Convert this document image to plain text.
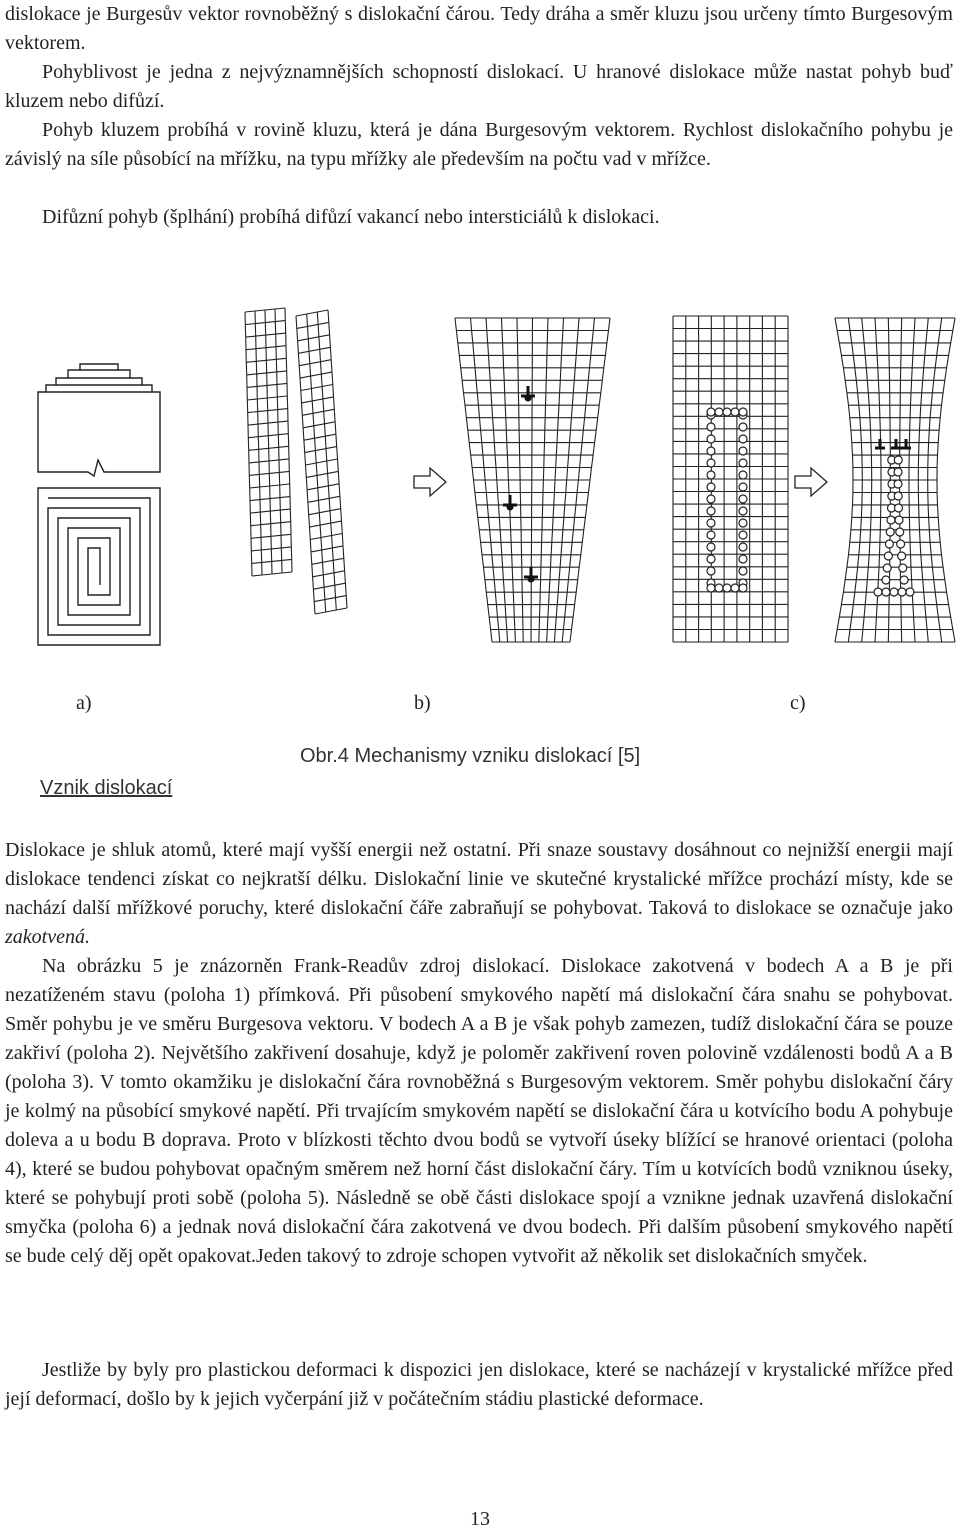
dislokace je Burgesův vektor rovnoběžný s dislokační čárou. Tedy dráha a směr kluzu jsou určeny tímto Burgesovým vektorem.

Pohyblivost je jedna z nejvýznamnějších schopností dislokací. U hranové dislokace může nastat pohyb buď kluzem nebo difůzí.

Pohyb kluzem probíhá v rovině kluzu, která je dána Burgesovým vektorem. Rychlost dislokačního pohybu je závislý na síle působící na mřížku, na typu mřížky ale především na počtu vad v mřížce.

Difůzní pohyb (šplhání) probíhá difůzí vakancí nebo intersticiálů k dislokaci.

a)	b)	c)
Obr.4 Mechanismy vzniku dislokací [5]
Vznik dislokací

Dislokace je shluk atomů, které mají vyšší energii než ostatní. Při snaze soustavy dosáhnout co nejnižší energii mají dislokace tendenci získat co nejkratší délku. Dislokační linie ve skutečné krystalické mřížce prochází místy, kde se nachází další mřížkové poruchy, které dislokační čáře zabraňují se pohybovat. Taková to dislokace se označuje jako zakotvená.

Na obrázku 5 je znázorněn Frank-Readův zdroj dislokací. Dislokace zakotvená v bodech A a B je při nezatíženém stavu (poloha 1) přímková. Při působení smykového napětí má dislokační čára snahu se pohybovat. Směr pohybu je ve směru Burgesova vektoru. V bodech A a B je však pohyb zamezen, tudíž dislokační čára se pouze zakřiví (poloha 2). Největšího zakřivení dosahuje, když je poloměr zakřivení roven polovině vzdálenosti bodů A a B (poloha 3). V tomto okamžiku je dislokační čára rovnoběžná s Burgesovým vektorem. Směr pohybu dislokační čáry je kolmý na působící smykové napětí. Při trvajícím smykovém napětí se dislokační čára u kotvícího bodu A pohybuje doleva a u bodu B doprava. Proto v blízkosti těchto dvou bodů se vytvoří úseky blížící se hranové orientaci (poloha 4), které se budou pohybovat opačným směrem než horní část dislokační čáry. Tím u kotvících bodů vzniknou úseky, které se pohybují proti sobě (poloha 5). Následně se obě části dislokace spojí a vznikne jednak uzavřená dislokační smyčka (poloha 6) a jednak nová dislokační čára zakotvená ve dvou bodech. Při dalším působení smykového napětí se bude celý děj opět opakovat.Jeden takový to zdroje schopen vytvořit až několik set dislokačních smyček.

Jestliže by byly pro plastickou deformaci k dispozici jen dislokace, které se nacházejí v krystalické mřížce před její deformací, došlo by k jejich vyčerpání již v počátečním stádiu plastické deformace.

13
